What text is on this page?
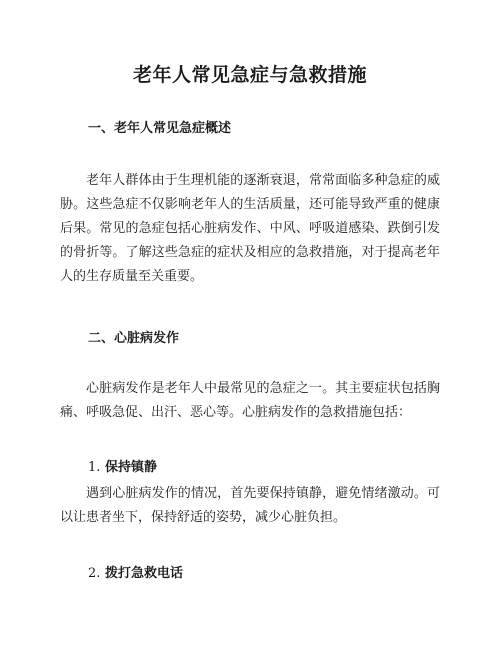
老年人常见急症与急救措施
一、老年人常见急症概述

老年人群体由于生理机能的逐渐衰退，常常面临多种急症的威胁。这些急症不仅影响老年人的生活质量，还可能导致严重的健康后果。常见的急症包括心脏病发作、中风、呼吸道感染、跌倒引发的骨折等。了解这些急症的症状及相应的急救措施，对于提高老年人的生存质量至关重要。

二、心脏病发作

心脏病发作是老年人中最常见的急症之一。其主要症状包括胸痛、呼吸急促、出汗、恶心等。心脏病发作的急救措施包括：

1. 保持镇静

遇到心脏病发作的情况，首先要保持镇静，避免情绪激动。可以让患者坐下，保持舒适的姿势，减少心脏负担。

2. 拨打急救电话
